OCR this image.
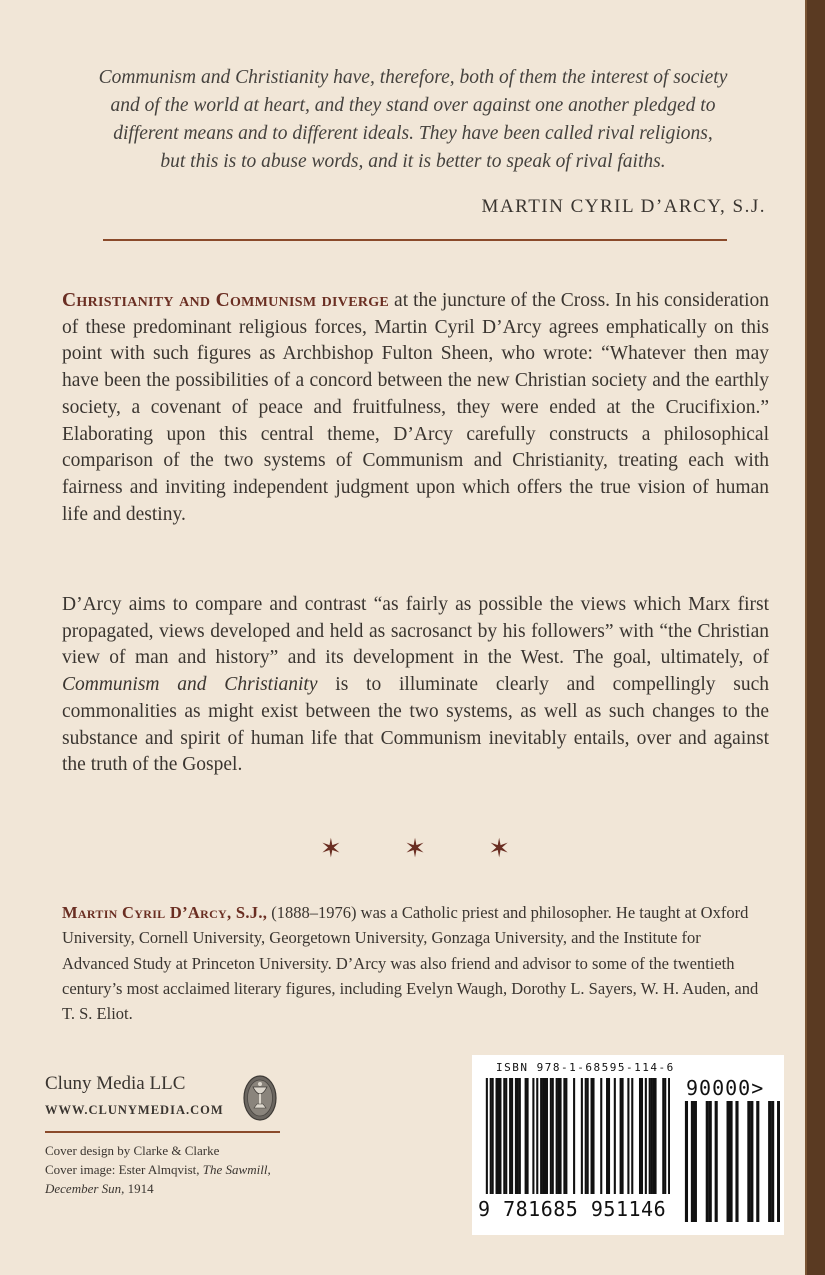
Communism and Christianity have, therefore, both of them the interest of society
and of the world at heart, and they stand over against one another pledged to
different means and to different ideals. They have been called rival religions,
but this is to abuse words, and it is better to speak of rival faiths.
MARTIN CYRIL D’ARCY, S.J.

Christianity and Communism diverge at the juncture of the Cross. In his consideration of these predominant religious forces, Martin Cyril D’Arcy agrees emphatically on this point with such figures as Archbishop Fulton Sheen, who wrote: “Whatever then may have been the possibilities of a concord between the new Christian society and the earthly society, a covenant of peace and fruitfulness, they were ended at the Crucifixion.” Elaborating upon this central theme, D’Arcy carefully constructs a philosophical comparison of the two systems of Communism and Christianity, treating each with fairness and inviting independent judgment upon which offers the true vision of human life and destiny.

D’Arcy aims to compare and contrast “as fairly as possible the views which Marx first propagated, views developed and held as sacrosanct by his followers” with “the Christian view of man and history” and its development in the West. The goal, ultimately, of Communism and Christianity is to illuminate clearly and compellingly such commonalities as might exist between the two systems, as well as such changes to the substance and spirit of human life that Communism inevitably entails, over and against the truth of the Gospel.

✶ ✶ ✶

Martin Cyril D’Arcy, S.J., (1888–1976) was a Catholic priest and philosopher. He taught at Oxford University, Cornell University, Georgetown University, Gonzaga University, and the Institute for Advanced Study at Princeton University. D’Arcy was also friend and advisor to some of the twentieth century’s most acclaimed literary figures, including Evelyn Waugh, Dorothy L. Sayers, W. H. Auden, and T. S. Eliot.

Cluny Media LLC
WWW.CLUNYMEDIA.COM
Cover design by Clarke & Clarke
Cover image: Ester Almqvist, The Sawmill,
December Sun, 1914
ISBN 978-1-68595-114-6
90000>
9 781685 951146
